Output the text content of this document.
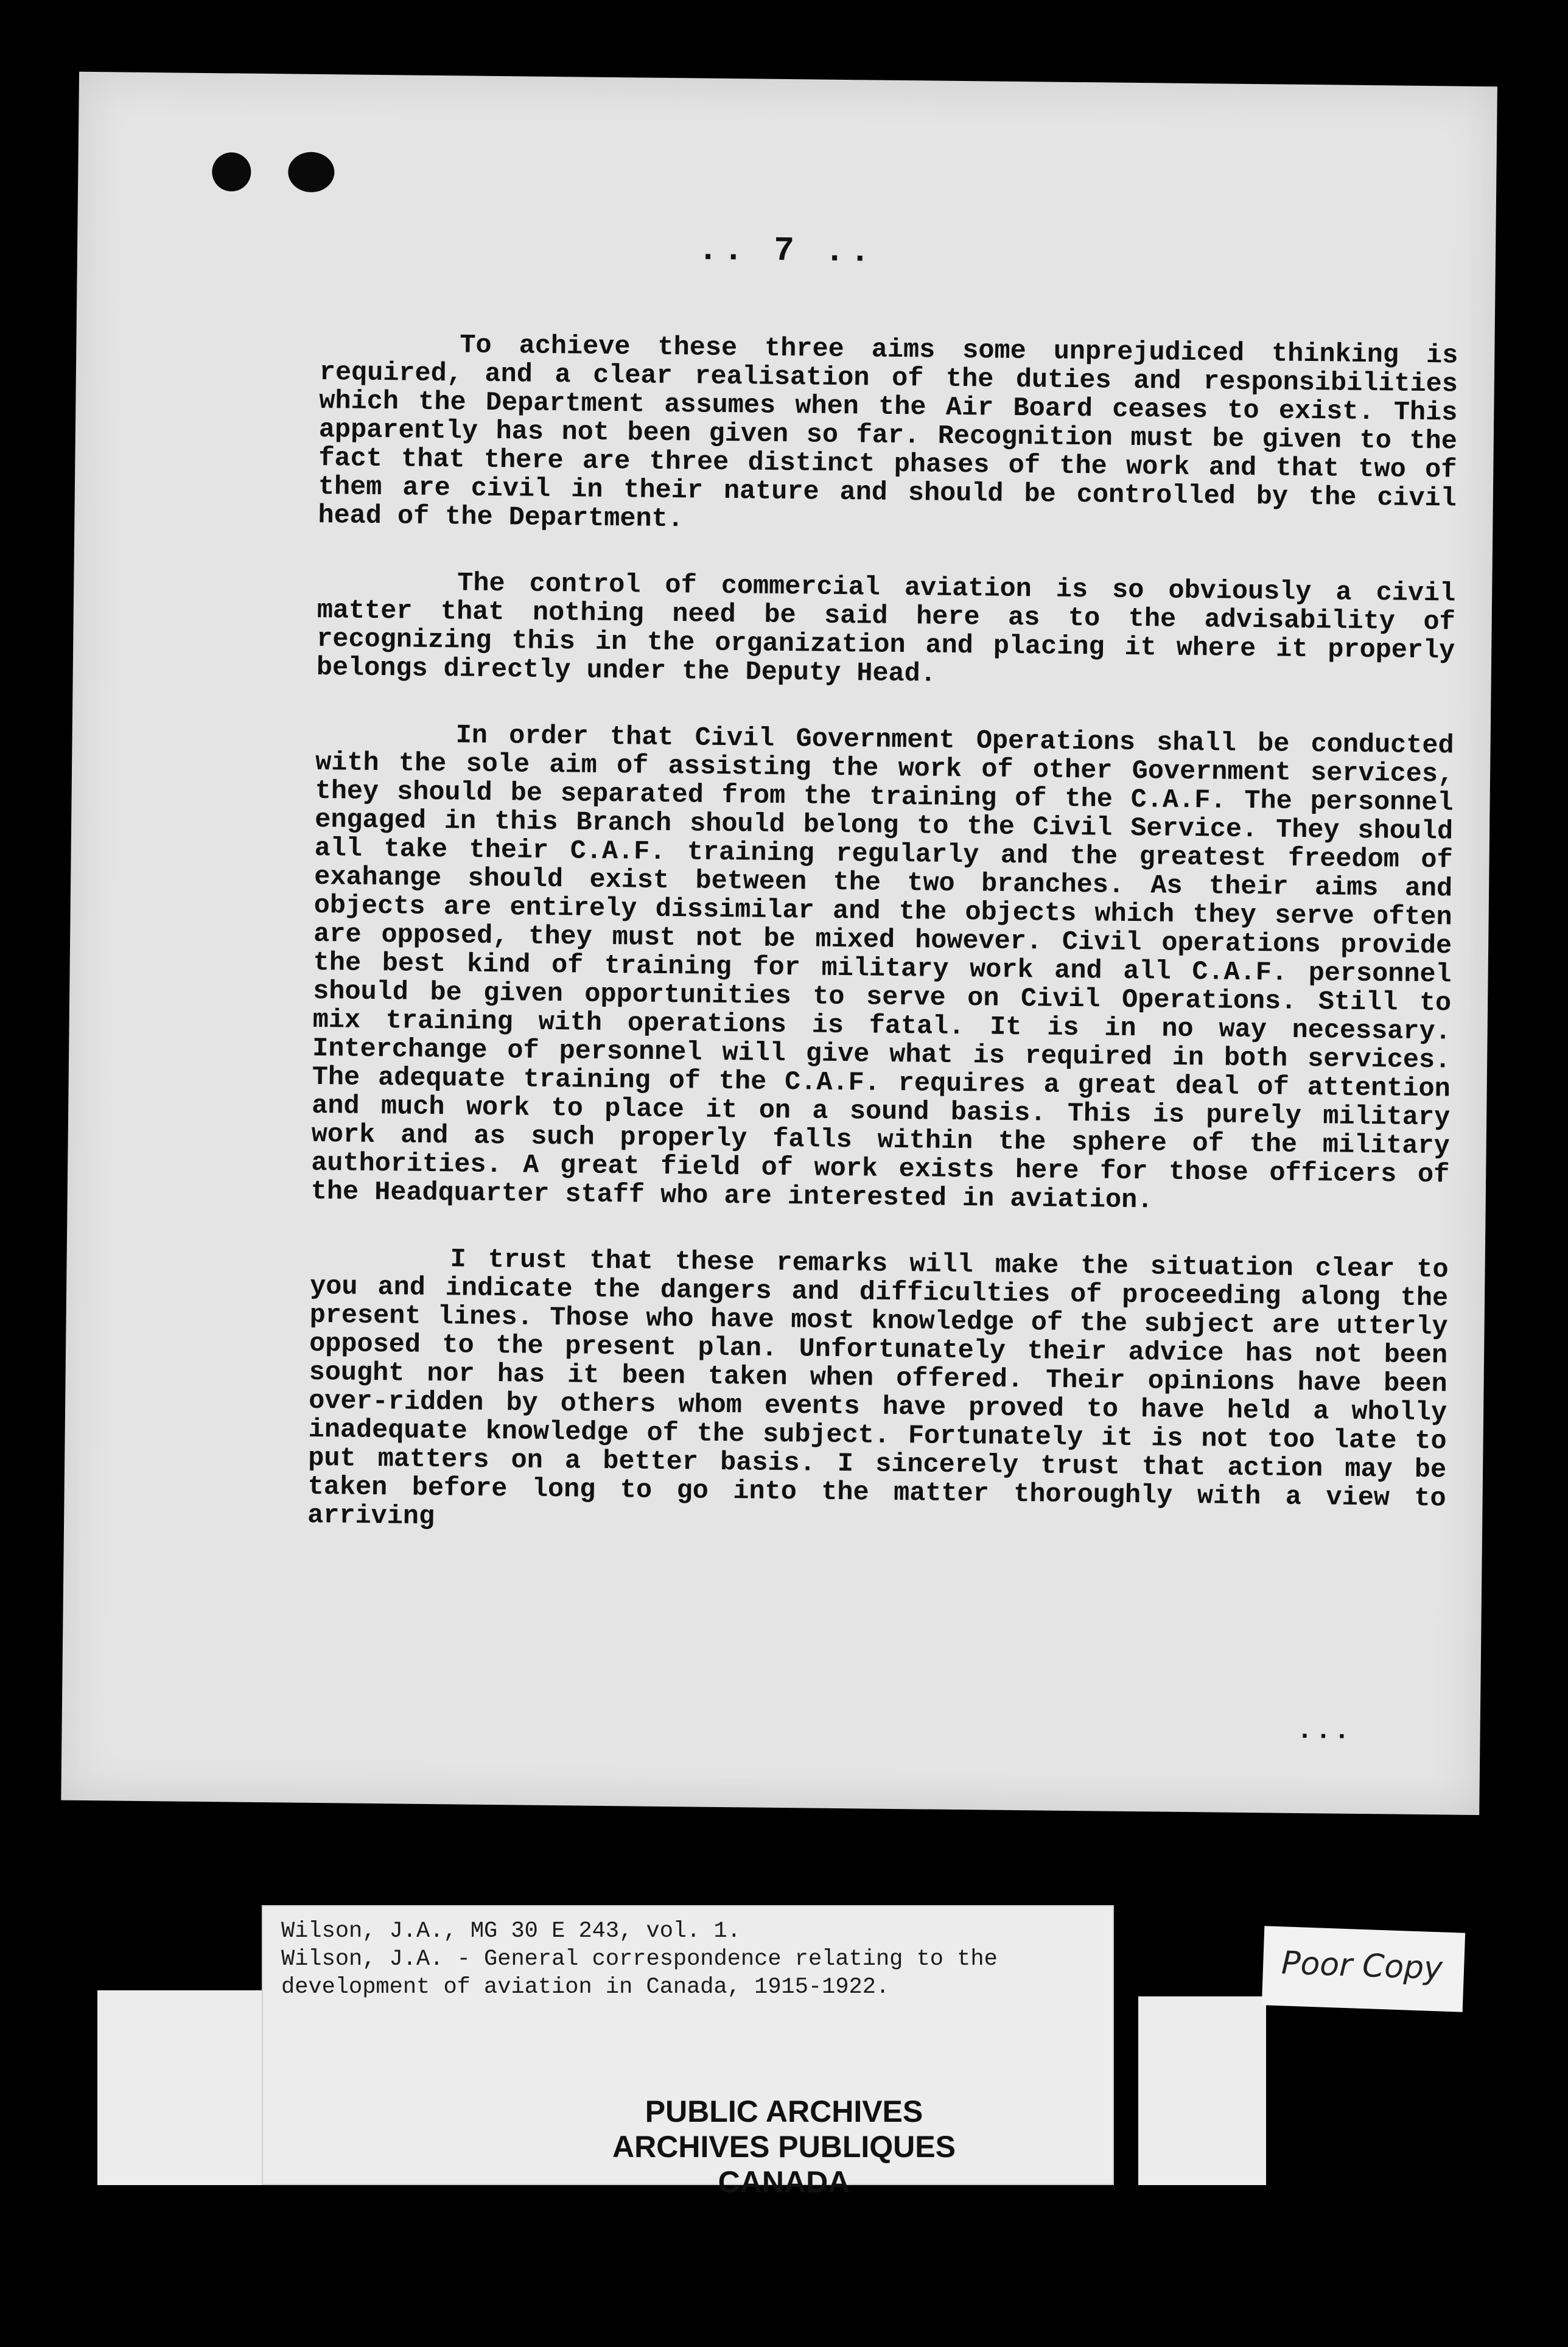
.. 7 ..

To achieve these three aims some unprejudiced thinking is required, and a clear realisation of the duties and responsibilities which the Department assumes when the Air Board ceases to exist. This apparently has not been given so far. Recognition must be given to the fact that there are three distinct phases of the work and that two of them are civil in their nature and should be controlled by the civil head of the Department.

The control of commercial aviation is so obviously a civil matter that nothing need be said here as to the advisability of recognizing this in the organization and placing it where it properly belongs directly under the Deputy Head.

In order that Civil Government Operations shall be conducted with the sole aim of assisting the work of other Government services, they should be separated from the training of the C.A.F. The personnel engaged in this Branch should belong to the Civil Service. They should all take their C.A.F. training regularly and the greatest freedom of exahange should exist between the two branches. As their aims and objects are entirely dissimilar and the objects which they serve often are opposed, they must not be mixed however. Civil operations provide the best kind of training for military work and all C.A.F. personnel should be given opportunities to serve on Civil Operations. Still to mix training with operations is fatal. It is in no way necessary. Interchange of personnel will give what is required in both services. The adequate training of the C.A.F. requires a great deal of attention and much work to place it on a sound basis. This is purely military work and as such properly falls within the sphere of the military authorities. A great field of work exists here for those officers of the Headquarter staff who are interested in aviation.

I trust that these remarks will make the situation clear to you and indicate the dangers and difficulties of proceeding along the present lines. Those who have most knowledge of the subject are utterly opposed to the present plan. Unfortunately their advice has not been sought nor has it been taken when offered. Their opinions have been over-ridden by others whom events have proved to have held a wholly inadequate knowledge of the subject. Fortunately it is not too late to put matters on a better basis. I sincerely trust that action may be taken before long to go into the matter thoroughly with a view to arriving

...
Wilson, J.A., MG 30 E 243, vol. 1.
Wilson, J.A. - General correspondence relating to the
development of aviation in Canada, 1915-1922.
PUBLIC ARCHIVES
ARCHIVES PUBLIQUES
CANADA
Poor Copy
